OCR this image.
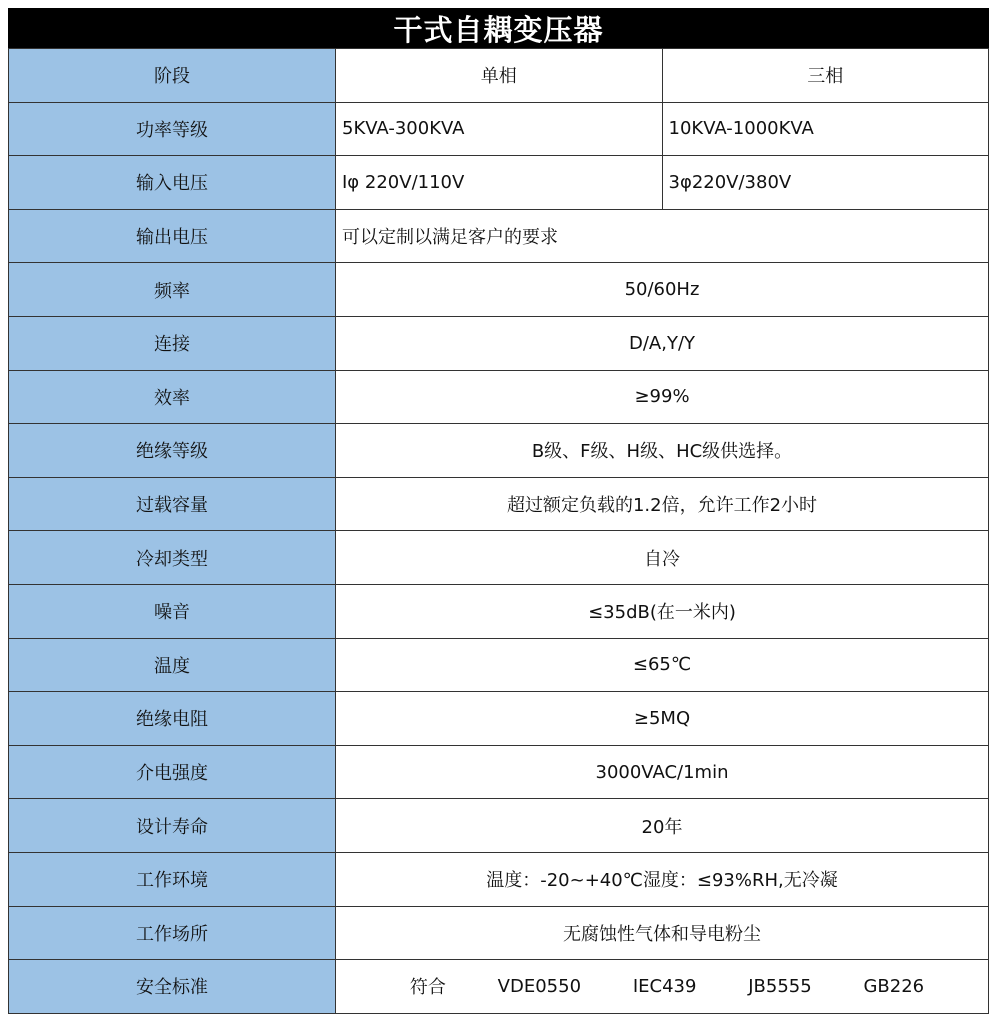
干式自耦变压器
阶段	单相	三相
功率等级	5KVA-300KVA	10KVA-1000KVA
输入电压	Iφ 220V/110V	3φ220V/380V
输出电压	可以定制以满足客户的要求	
频率	50/60Hz	
连接	D/A,Y/Y	
效率	≥99%	
绝缘等级	B级、F级、H级、HC级供选择。	
过载容量	超过额定负载的1.2倍，允许工作2小时	
冷却类型	自冷	
噪音	≤35dB(在一米内)	
温度	≤65℃	
绝缘电阻	≥5MQ	
介电强度	3000VAC/1min	
设计寿命	20年	
工作环境	温度：-20~+40℃湿度：≤93%RH,无冷凝	
工作场所	无腐蚀性气体和导电粉尘	
安全标准	符合 VDE0550 IEC439 JB5555 GB226	
